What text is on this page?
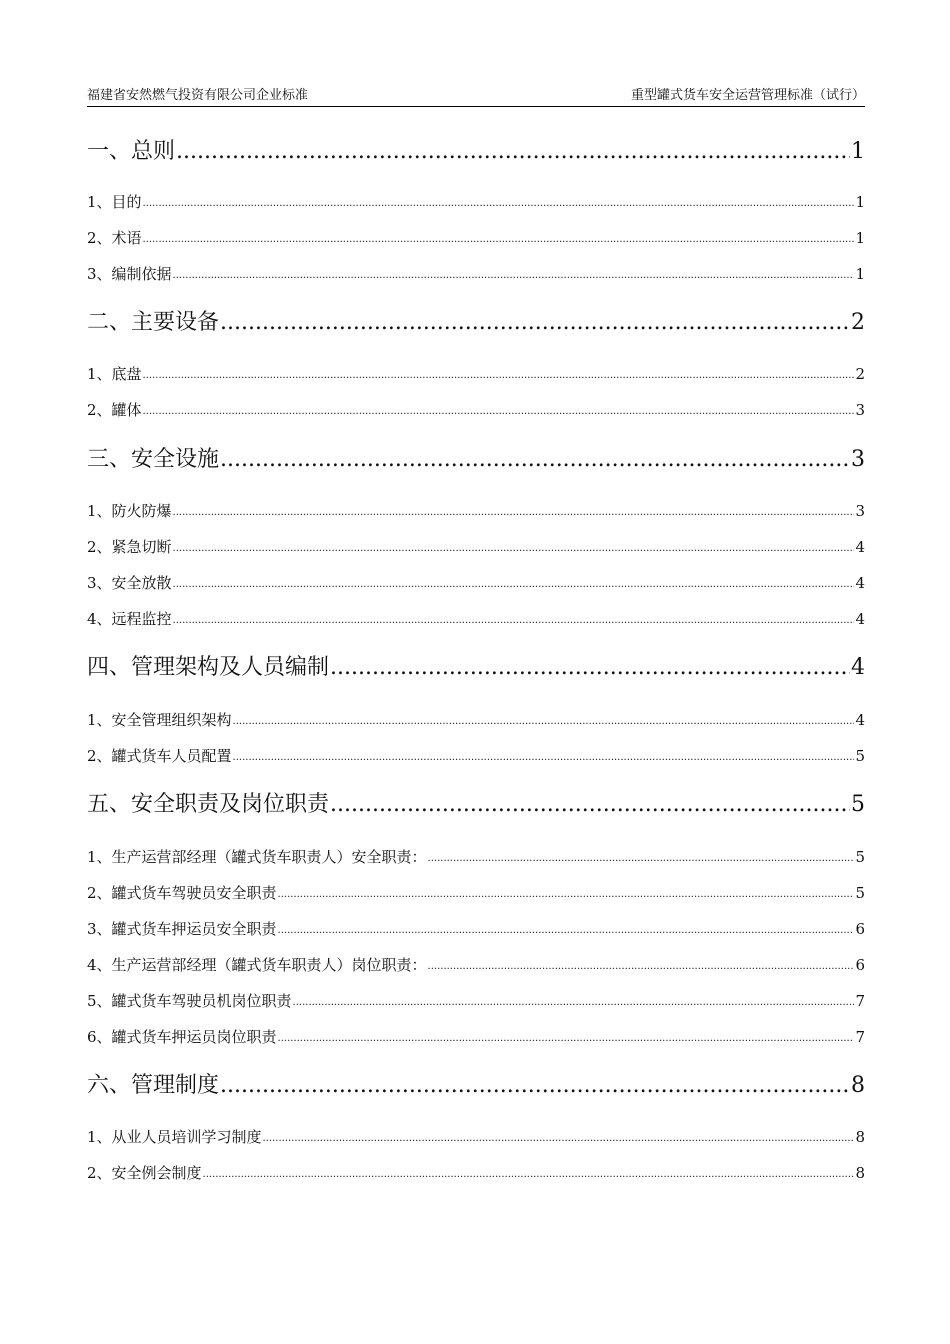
福建省安然燃气投资有限公司企业标准	重型罐式货车安全运营管理标准（试行）
一、总则 .....	1
1、目的 .....	1
2、术语 .....	1
3、编制依据 .....	1
二、主要设备 .....	2
1、底盘 .....	2
2、罐体 .....	3
三、安全设施 .....	3
1、防火防爆 .....	3
2、紧急切断 .....	4
3、安全放散 .....	4
4、远程监控 .....	4
四、管理架构及人员编制 .....	4
1、安全管理组织架构 .....	4
2、罐式货车人员配置 .....	5
五、安全职责及岗位职责 .....	5
1、生产运营部经理（罐式货车职责人）安全职责： .....	5
2、罐式货车驾驶员安全职责 .....	5
3、罐式货车押运员安全职责 .....	6
4、生产运营部经理（罐式货车职责人）岗位职责： .....	6
5、罐式货车驾驶员机岗位职责 .....	7
6、罐式货车押运员岗位职责 .....	7
六、管理制度 .....	8
1、从业人员培训学习制度 .....	8
2、安全例会制度 .....	8
